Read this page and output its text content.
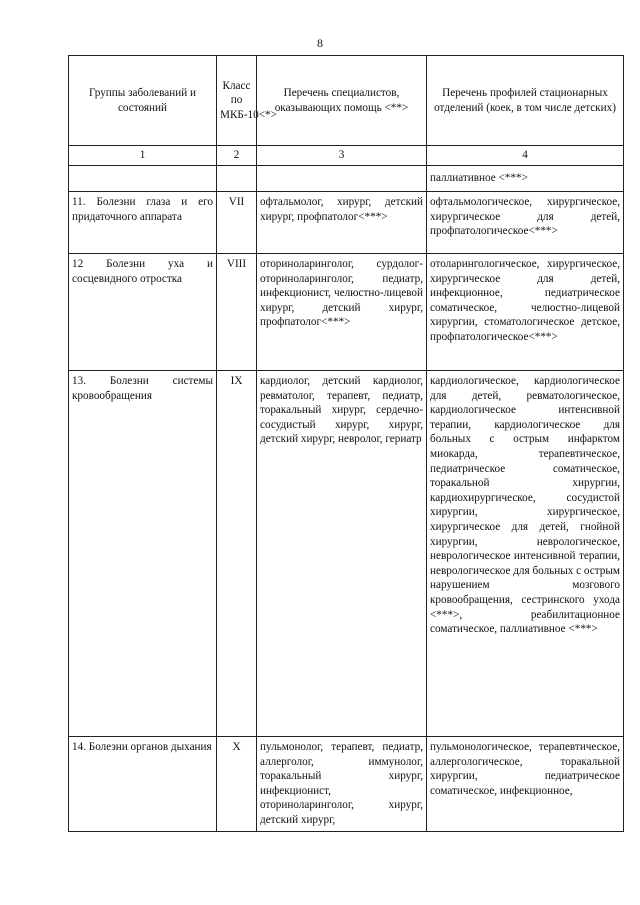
8
Группы заболеваний и состояний	Класс по МКБ-10<*>	Перечень специалистов, оказывающих помощь <**>	Перечень профилей стационарных отделений (коек, в том числе детских)
1	2	3	4
			паллиативное <***>
11. Болезни глаза и его придаточного аппарата	VII	офтальмолог, хирург, детский хирург, профпатолог<***>	офтальмологическое, хирургическое, хирургическое для детей, профпатологическое<***>
12 Болезни уха и сосцевидного отростка	VIII	оториноларинголог, сурдолог-оториноларинголог, педиатр, инфекционист, челюстно-лицевой хирург, детский хирург, профпатолог<***>	отоларингологическое, хирургическое, хирургическое для детей, инфекционное, педиатрическое соматическое, челюстно-лицевой хирургии, стоматологическое детское, профпатологическое<***>
13. Болезни системы кровообращения	IX	кардиолог, детский кардиолог, ревматолог, терапевт, педиатр, торакальный хирург, сердечно-сосудистый хирург, хирург, детский хирург, невролог, гериатр	кардиологическое, кардиологическое для детей, ревматологическое, кардиологическое интенсивной терапии, кардиологическое для больных с острым инфарктом миокарда, терапевтическое, педиатрическое соматическое, торакальной хирургии, кардиохирургическое, сосудистой хирургии, хирургическое, хирургическое для детей, гнойной хирургии, неврологическое, неврологическое интенсивной терапии, неврологическое для больных с острым нарушением мозгового кровообращения, сестринского ухода <***>, реабилитационное соматическое, паллиативное <***>
14. Болезни органов дыхания	X	пульмонолог, терапевт, педиатр, аллерголог, иммунолог, торакальный хирург, инфекционист, оториноларинголог, хирург, детский хирург,	пульмонологическое, терапевтическое, аллергологическое, торакальной хирургии, педиатрическое соматическое, инфекционное,
